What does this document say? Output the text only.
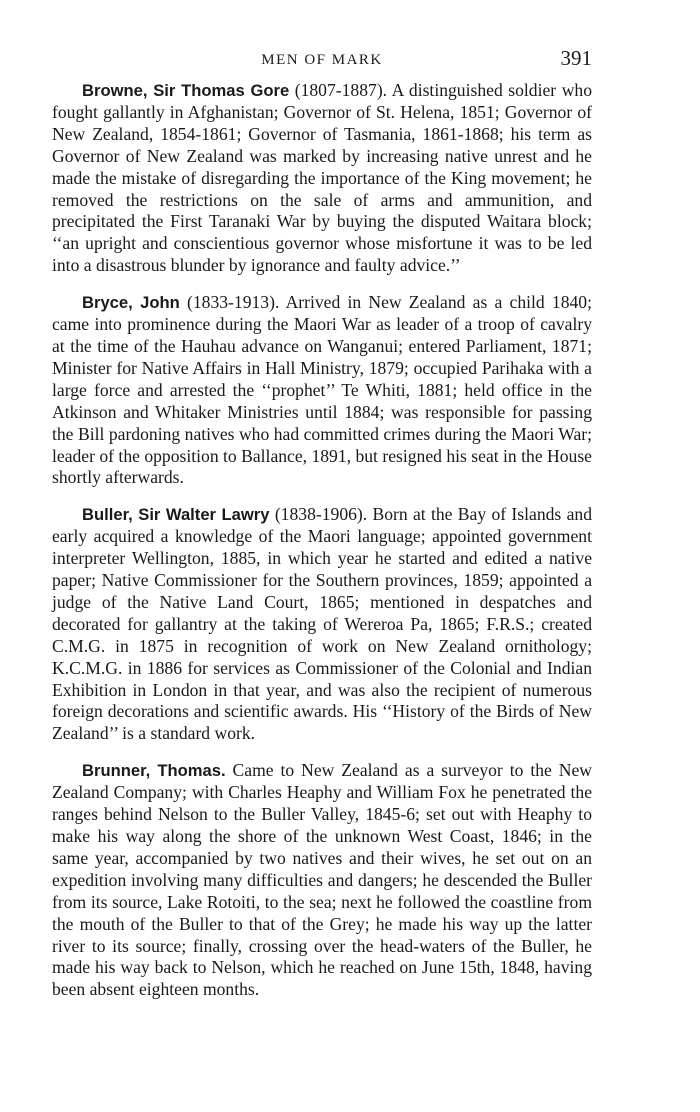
MEN OF MARK	391

Browne, Sir Thomas Gore (1807-1887). A distinguished soldier who fought gallantly in Afghanistan; Governor of St. Helena, 1851; Governor of New Zealand, 1854-1861; Governor of Tasmania, 1861-1868; his term as Governor of New Zealand was marked by increasing native unrest and he made the mistake of disregarding the importance of the King movement; he removed the restrictions on the sale of arms and ammunition, and precipitated the First Taranaki War by buying the disputed Waitara block; ‘‘an upright and conscientious governor whose misfortune it was to be led into a disastrous blunder by ignorance and faulty advice.’’

Bryce, John (1833-1913). Arrived in New Zealand as a child 1840; came into prominence during the Maori War as leader of a troop of cavalry at the time of the Hauhau advance on Wanganui; entered Parliament, 1871; Minister for Native Affairs in Hall Ministry, 1879; occupied Parihaka with a large force and arrested the ‘‘prophet’’ Te Whiti, 1881; held office in the Atkinson and Whitaker Ministries until 1884; was responsible for passing the Bill pardoning natives who had committed crimes during the Maori War; leader of the opposition to Ballance, 1891, but resigned his seat in the House shortly afterwards.

Buller, Sir Walter Lawry (1838-1906). Born at the Bay of Islands and early acquired a knowledge of the Maori language; appointed government interpreter Wellington, 1885, in which year he started and edited a native paper; Native Commissioner for the Southern provinces, 1859; appointed a judge of the Native Land Court, 1865; mentioned in despatches and decorated for gallantry at the taking of Wereroa Pa, 1865; F.R.S.; created C.M.G. in 1875 in recognition of work on New Zealand ornithology; K.C.M.G. in 1886 for services as Commissioner of the Colonial and Indian Exhibition in London in that year, and was also the recipient of numerous foreign decorations and scientific awards. His ‘‘History of the Birds of New Zealand’’ is a standard work.

Brunner, Thomas. Came to New Zealand as a surveyor to the New Zealand Company; with Charles Heaphy and William Fox he penetrated the ranges behind Nelson to the Buller Valley, 1845-6; set out with Heaphy to make his way along the shore of the unknown West Coast, 1846; in the same year, accompanied by two natives and their wives, he set out on an expedition involving many difficulties and dangers; he descended the Buller from its source, Lake Rotoiti, to the sea; next he followed the coastline from the mouth of the Buller to that of the Grey; he made his way up the latter river to its source; finally, crossing over the head-waters of the Buller, he made his way back to Nelson, which he reached on June 15th, 1848, having been absent eighteen months.
